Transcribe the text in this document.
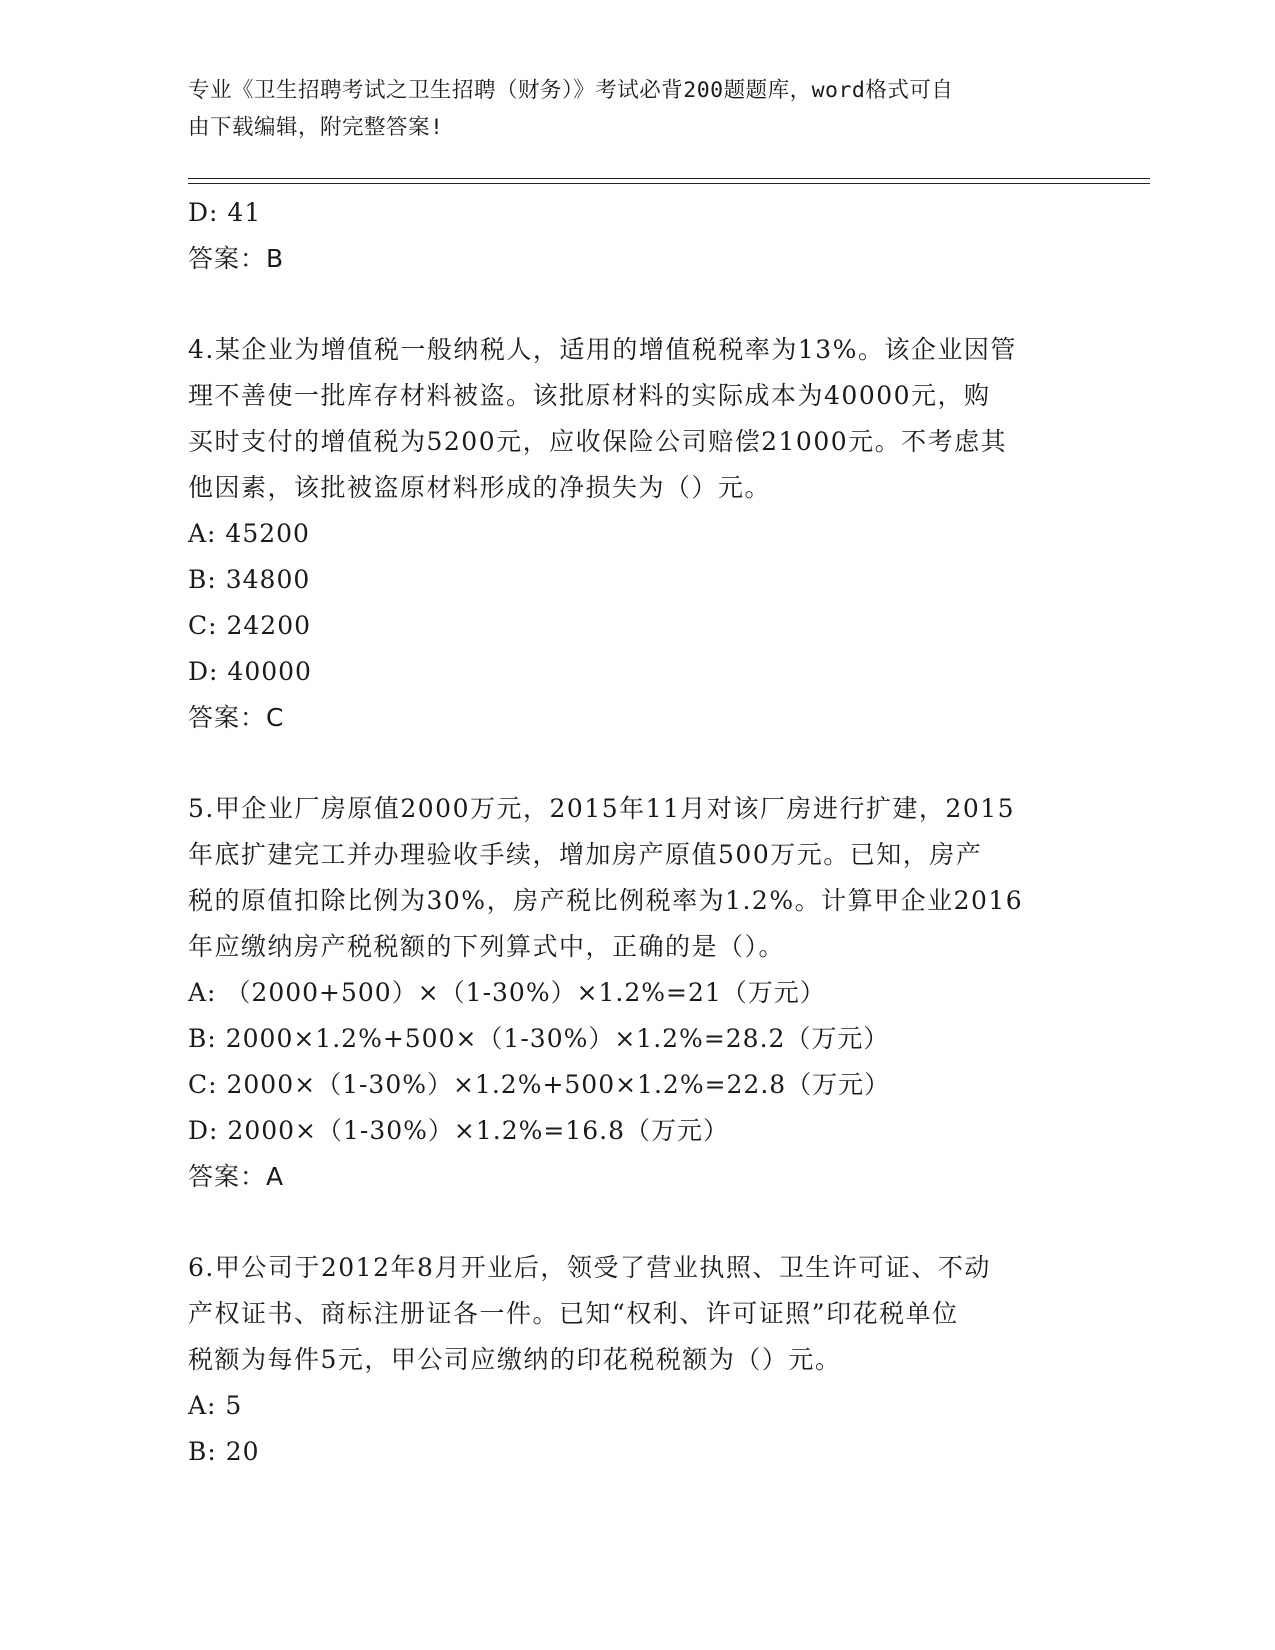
专业《卫生招聘考试之卫生招聘（财务）》考试必背200题题库，word格式可自
由下载编辑，附完整答案!
D: 41
答案：B
4.某企业为增值税一般纳税人，适用的增值税税率为13%。该企业因管
理不善使一批库存材料被盗。该批原材料的实际成本为40000元，购
买时支付的增值税为5200元，应收保险公司赔偿21000元。不考虑其
他因素，该批被盗原材料形成的净损失为（）元。
A: 45200
B: 34800
C: 24200
D: 40000
答案：C
5.甲企业厂房原值2000万元，2015年11月对该厂房进行扩建，2015
年底扩建完工并办理验收手续，增加房产原值500万元。已知，房产
税的原值扣除比例为30%，房产税比例税率为1.2%。计算甲企业2016
年应缴纳房产税税额的下列算式中，正确的是（）。
A: （2000+500）×（1-30%）×1.2%=21（万元）
B: 2000×1.2%+500×（1-30%）×1.2%=28.2（万元）
C: 2000×（1-30%）×1.2%+500×1.2%=22.8（万元）
D: 2000×（1-30%）×1.2%=16.8（万元）
答案：A
6.甲公司于2012年8月开业后，领受了营业执照、卫生许可证、不动
产权证书、商标注册证各一件。已知“权利、许可证照”印花税单位
税额为每件5元，甲公司应缴纳的印花税税额为（）元。
A: 5
B: 20
